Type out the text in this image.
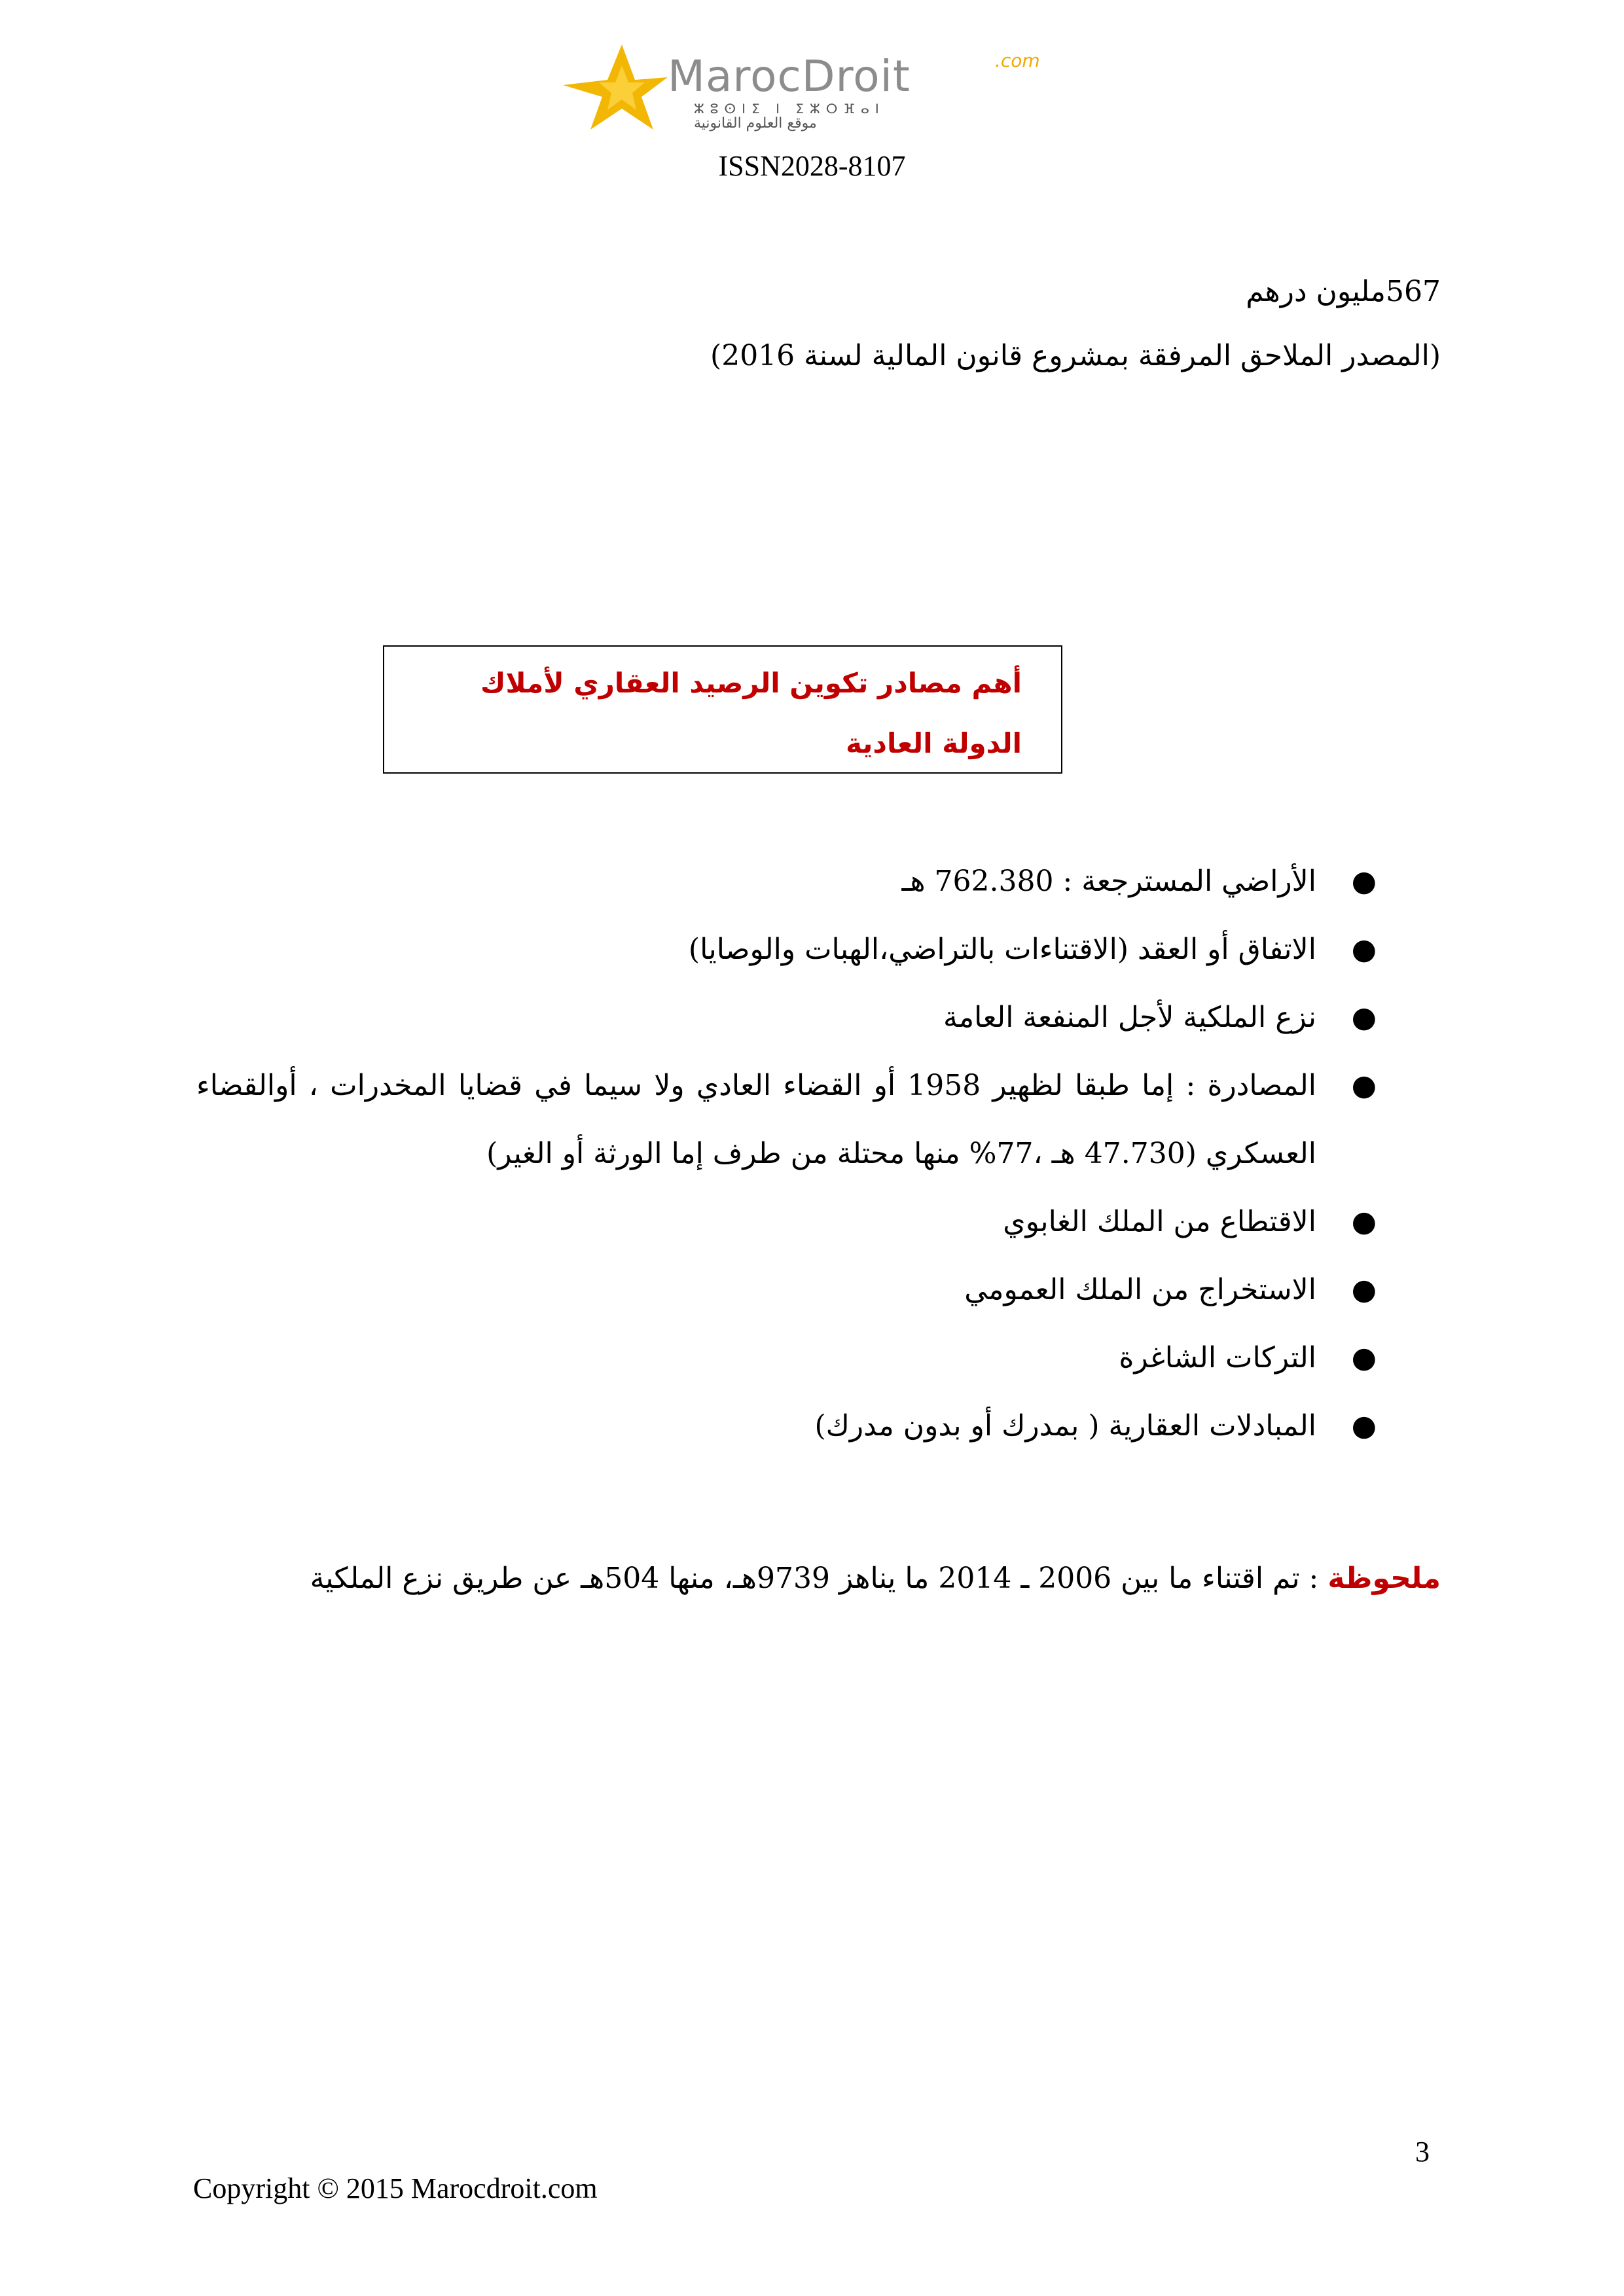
MarocDroit	.com
ⵣⵓⵙⵏⵉ ⵏ ⵉⵣⵔⴼⴰⵏ
موقع العلوم القانونية
ISSN2028-8107
567مليون درهم
(المصدر الملاحق المرفقة بمشروع قانون المالية لسنة 2016)
أهم مصادر تكوين الرصيد العقاري لأملاك الدولة العادية
●
الأراضي المسترجعة : 762.380 هـ
●
الاتفاق أو العقد (الاقتناءات بالتراضي،الهبات والوصايا)
●
نزع الملكية لأجل المنفعة العامة
●
المصادرة : إما طبقا لظهير 1958 أو القضاء العادي ولا سيما في قضايا المخدرات ، أوالقضاء العسكري (47.730 هـ ،77% منها محتلة من طرف إما الورثة أو الغير)
●
الاقتطاع من الملك الغابوي
●
الاستخراج من الملك العمومي
●
التركات الشاغرة
●
المبادلات العقارية ( بمدرك أو بدون مدرك)
ملحوظة : تم اقتناء ما بين 2006 ـ 2014 ما يناهز 9739هـ، منها 504هـ عن طريق نزع الملكية
3
Copyright © 2015 Marocdroit.com
